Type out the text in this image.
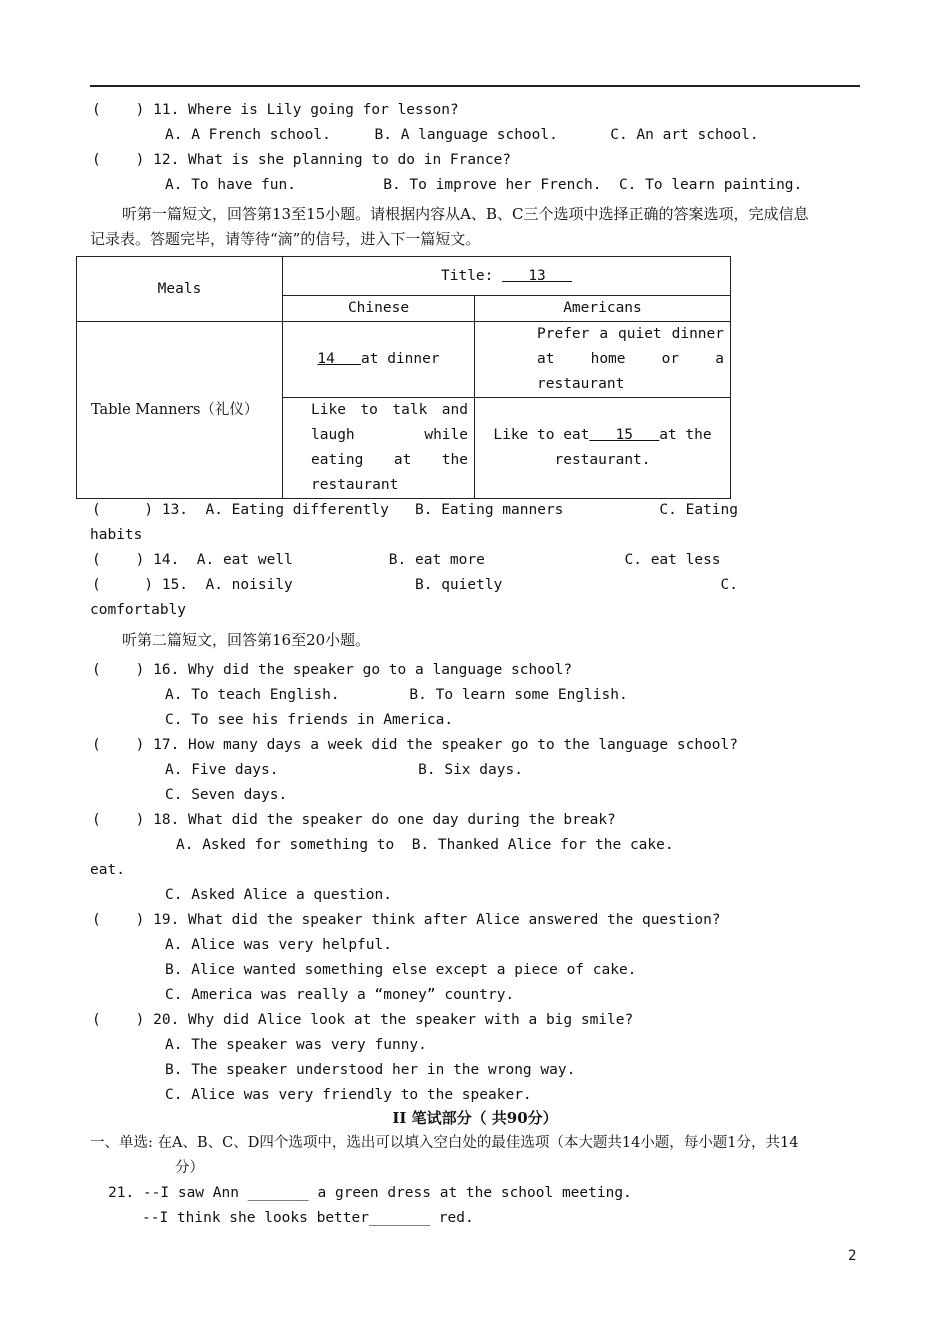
(    ) 11. Where is Lily going for lesson?
A. A French school.     B. A language school.      C. An art school.
(    ) 12. What is she planning to do in France?
A. To have fun.          B. To improve her French.  C. To learn painting.
听第一篇短文，回答第13至15小题。请根据内容从A、B、C三个选项中选择正确的答案选项，完成信息
记录表。答题完毕，请等待“滴”的信号，进入下一篇短文。
Meals	Title:    13	
	Chinese	Americans
Table Manners（礼仪）	14   at dinner	Prefer a quiet dinner at home or a restaurant
	Like to talk and laugh while eating at the restaurant	Like to eat   15   at the restaurant.
(     ) 13.  A. Eating differently   B. Eating manners           C. Eating
habits
(    ) 14.  A. eat well           B. eat more                C. eat less
(     ) 15.  A. noisily              B. quietly                         C.
comfortably
听第二篇短文，回答第16至20小题。
(    ) 16. Why did the speaker go to a language school?
A. To teach English.        B. To learn some English.
C. To see his friends in America.
(    ) 17. How many days a week did the speaker go to the language school?
A. Five days.                B. Six days.
C. Seven days.
(    ) 18. What did the speaker do one day during the break?
A. Asked for something to  B. Thanked Alice for the cake.
eat.
C. Asked Alice a question.
(    ) 19. What did the speaker think after Alice answered the question?
A. Alice was very helpful.
B. Alice wanted something else except a piece of cake.
C. America was really a “money” country.
(    ) 20. Why did Alice look at the speaker with a big smile?
A. The speaker was very funny.
B. The speaker understood her in the wrong way.
C. Alice was very friendly to the speaker.
II 笔试部分（ 共90分）
一、单选: 在A、B、C、D四个选项中，选出可以填入空白处的最佳选项（本大题共14小题，每小题1分，共14
分）
21. --I saw Ann _______ a green dress at the school meeting.
--I think she looks better_______ red.
2
